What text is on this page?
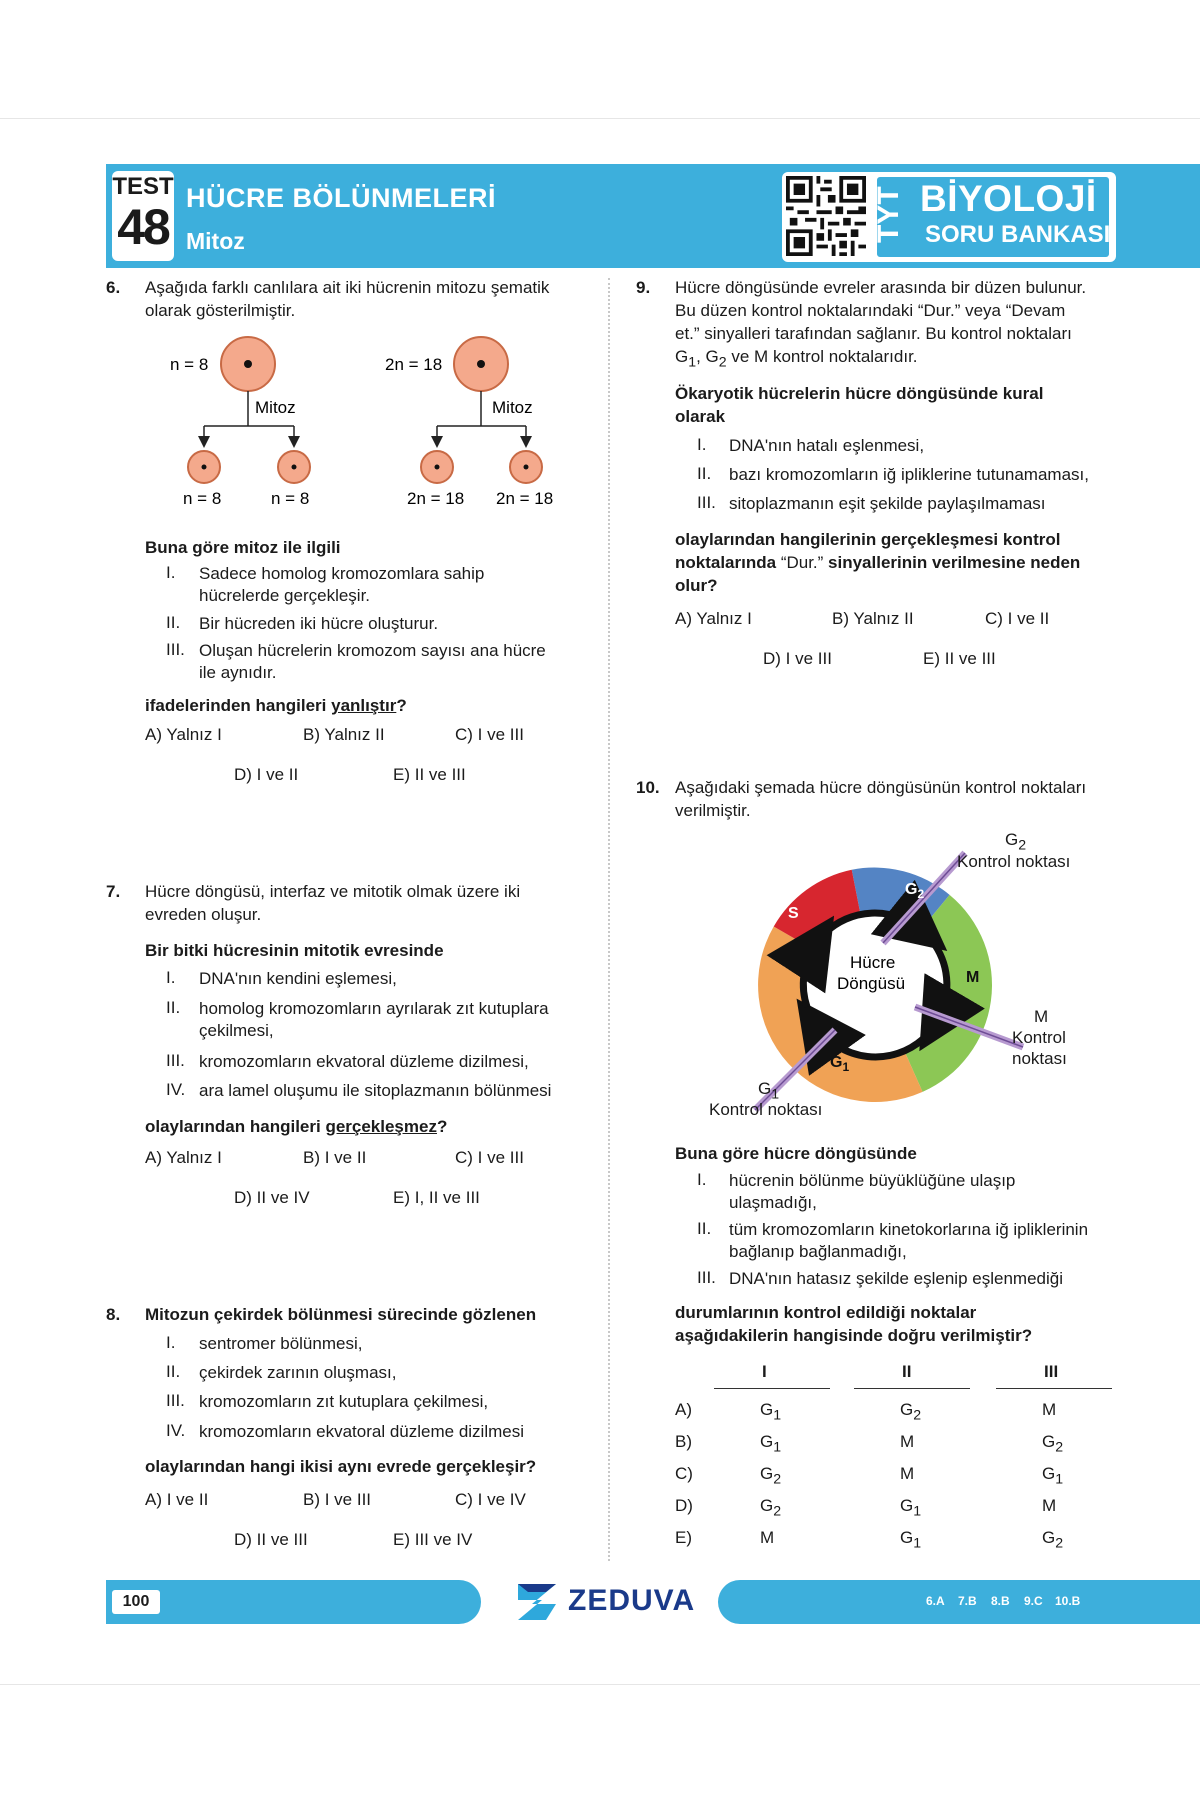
TEST
48
HÜCRE BÖLÜNMELERİ
Mitoz	TYT BİYOLOJİ
SORU BANKASI
6. Aşağıda farklı canlılara ait iki hücrenin mitozu şematik olarak gösterilmiştir.
n = 8
Mitoz
n = 8	n = 8
2n = 18
Mitoz
2n = 18 2n = 18
Buna göre mitoz ile ilgili
I. Sadece homolog kromozomlara sahip
hücrelerde gerçekleşir.
II. Bir hücreden iki hücre oluşturur.
III. Oluşan hücrelerin kromozom sayısı ana hücre
ile aynıdır.
ifadelerinden hangileri yanlıştır?
A) Yalnız I	B) Yalnız II	C) I ve III
D) I ve II	E) II ve III
7. Hücre döngüsü, interfaz ve mitotik olmak üzere iki
evreden oluşur.
Bir bitki hücresinin mitotik evresinde
I. DNA'nın kendini eşlemesi,
II. homolog kromozomların ayrılarak zıt kutuplara
çekilmesi,
III. kromozomların ekvatoral düzleme dizilmesi,
IV. ara lamel oluşumu ile sitoplazmanın bölünmesi
olaylarından hangileri gerçekleşmez?
A) Yalnız I	B) I ve II	C) I ve III
D) II ve IV	E) I, II ve III
8. Mitozun çekirdek bölünmesi sürecinde gözlenen
I. sentromer bölünmesi,
II. çekirdek zarının oluşması,
III. kromozomların zıt kutuplara çekilmesi,
IV. kromozomların ekvatoral düzleme dizilmesi
olaylarından hangi ikisi aynı evrede gerçekleşir?
A) I ve II	B) I ve III	C) I ve IV
D) II ve III	E) III ve IV
9. Hücre döngüsünde evreler arasında bir düzen bulunur.
Bu düzen kontrol noktalarındaki “Dur.” veya “Devam
et.” sinyalleri tarafından sağlanır. Bu kontrol noktaları
$G_1$, $G_2$ ve M kontrol noktalarıdır.
Ökaryotik hücrelerin hücre döngüsünde kural
olarak
I. DNA'nın hatalı eşlenmesi,
II. bazı kromozomların iğ ipliklerine tutunamaması,
III. sitoplazmanın eşit şekilde paylaşılmaması
olaylarından hangilerinin gerçekleşmesi kontrol
noktalarında “Dur.” sinyallerinin verilmesine neden
olur?
A) Yalnız I	B) Yalnız II	C) I ve II
D) I ve III	E) II ve III
10. Aşağıdaki şemada hücre döngüsünün kontrol noktaları
verilmiştir.
Hücre
Döngüsü
S
$G_2$
M
$G_1$
$G_2$
Kontrol noktası
M
Kontrol
noktası
$G_1$
Kontrol noktası
Buna göre hücre döngüsünde
I. hücrenin bölünme büyüklüğüne ulaşıp
ulaşmadığı,
II. tüm kromozomların kinetokorlarına iğ ipliklerinin
bağlanıp bağlanmadığı,
III. DNA'nın hatasız şekilde eşlenip eşlenmediği
durumlarının kontrol edildiği noktalar
aşağıdakilerin hangisinde doğru verilmiştir?
I	II	III
A)	$G_1$	$G_2$	M
B)	$G_1$	M	$G_2$
C)	$G_2$	M	$G_1$
D)	$G_2$	$G_1$	M
E)	M	$G_1$	$G_2$
100	ZEDUVA	6.A 7.B 8.B 9.C 10.B
